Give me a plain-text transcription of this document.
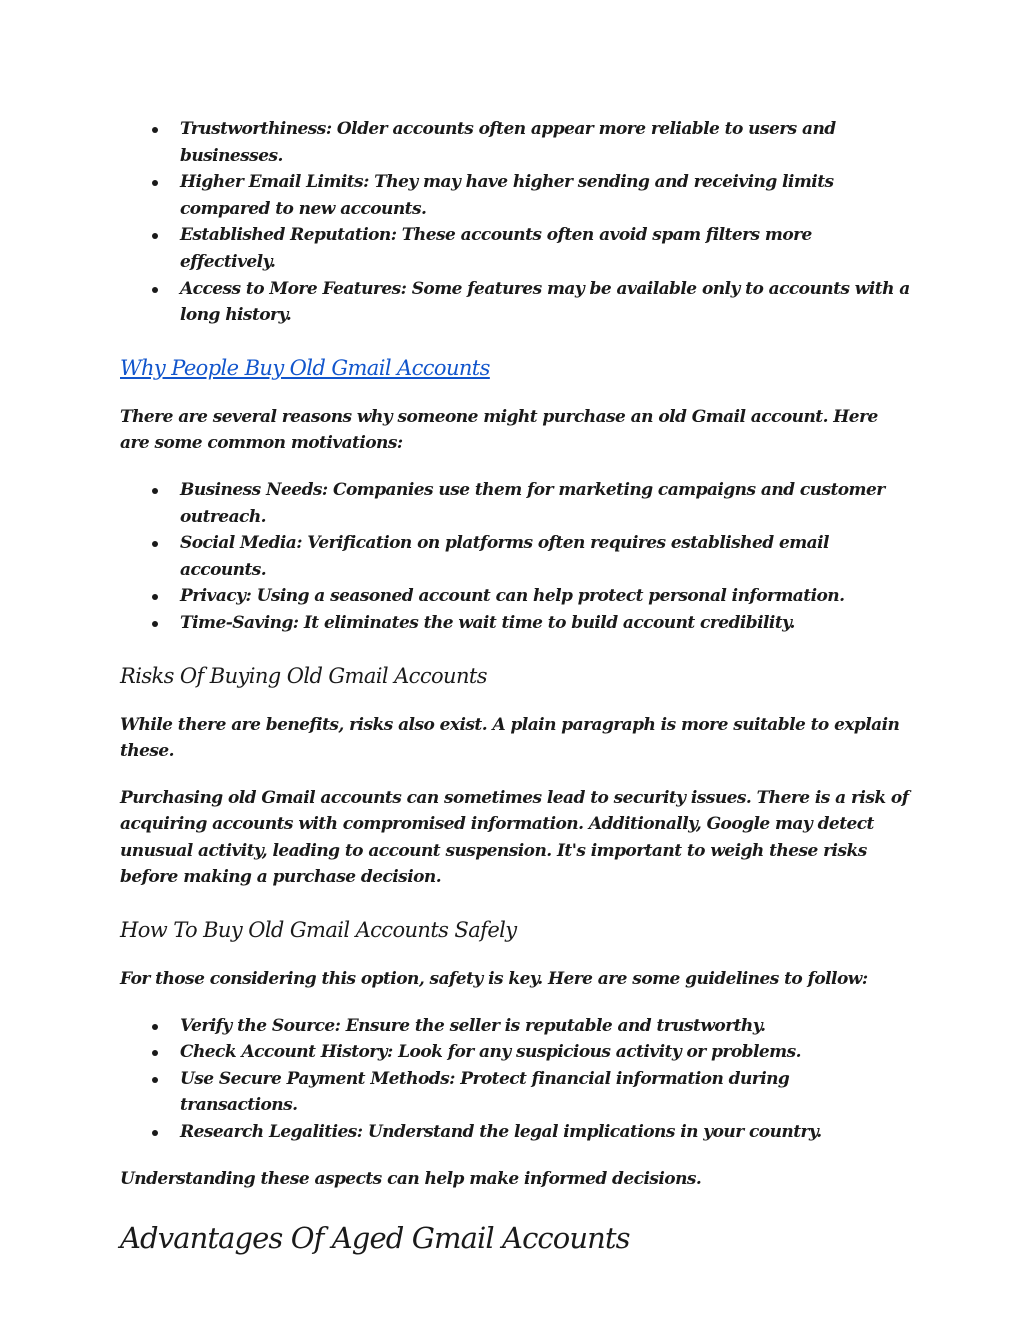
Trustworthiness: Older accounts often appear more reliable to users and businesses.
Higher Email Limits: They may have higher sending and receiving limits compared to new accounts.
Established Reputation: These accounts often avoid spam filters more effectively.
Access to More Features: Some features may be available only to accounts with a long history.
Why People Buy Old Gmail Accounts

There are several reasons why someone might purchase an old Gmail account. Here are some common motivations:

Business Needs: Companies use them for marketing campaigns and customer outreach.
Social Media: Verification on platforms often requires established email accounts.
Privacy: Using a seasoned account can help protect personal information.
Time-Saving: It eliminates the wait time to build account credibility.
Risks Of Buying Old Gmail Accounts

While there are benefits, risks also exist. A plain paragraph is more suitable to explain these.

Purchasing old Gmail accounts can sometimes lead to security issues. There is a risk of acquiring accounts with compromised information. Additionally, Google may detect unusual activity, leading to account suspension. It's important to weigh these risks before making a purchase decision.

How To Buy Old Gmail Accounts Safely

For those considering this option, safety is key. Here are some guidelines to follow:

Verify the Source: Ensure the seller is reputable and trustworthy.
Check Account History: Look for any suspicious activity or problems.
Use Secure Payment Methods: Protect financial information during transactions.
Research Legalities: Understand the legal implications in your country.

Understanding these aspects can help make informed decisions.

Advantages Of Aged Gmail Accounts
